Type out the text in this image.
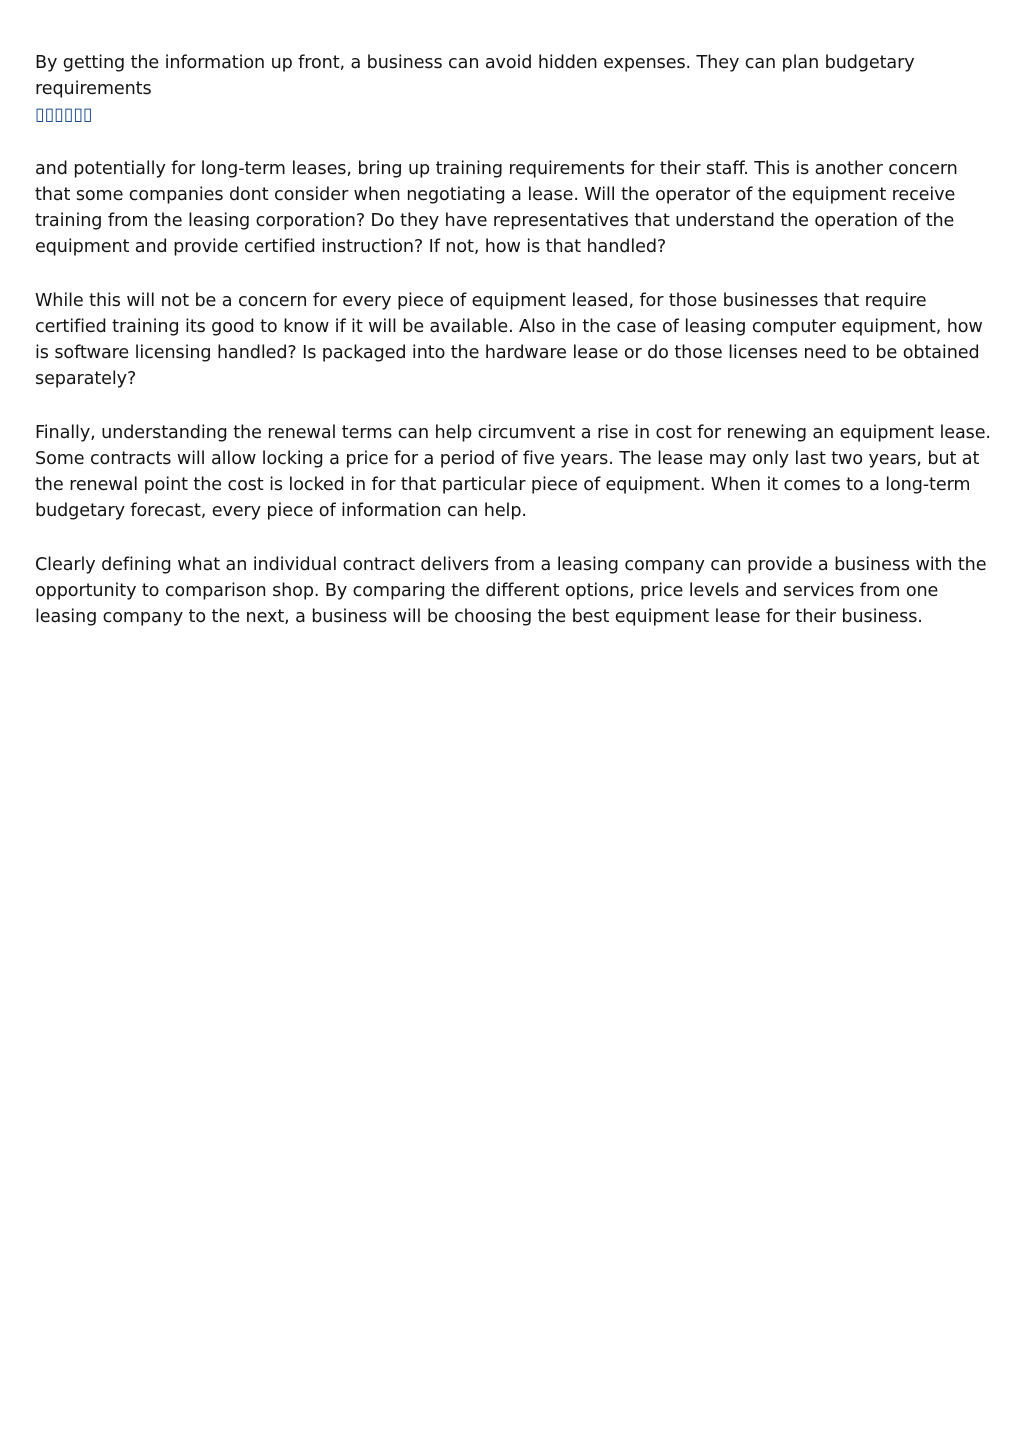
By getting the information up front, a business can avoid hidden expenses. They can plan budgetary requirements
▯▯▯▯▯▯

and potentially for long-term leases, bring up training requirements for their staff. This is another concern that some companies dont consider when negotiating a lease. Will the operator of the equipment receive training from the leasing corporation? Do they have representatives that understand the operation of the equipment and provide certified instruction? If not, how is that handled?

While this will not be a concern for every piece of equipment leased, for those businesses that require certified training its good to know if it will be available. Also in the case of leasing computer equipment, how is software licensing handled? Is packaged into the hardware lease or do those licenses need to be obtained separately?

Finally, understanding the renewal terms can help circumvent a rise in cost for renewing an equipment lease. Some contracts will allow locking a price for a period of five years. The lease may only last two years, but at the renewal point the cost is locked in for that particular piece of equipment. When it comes to a long-term budgetary forecast, every piece of information can help.

Clearly defining what an individual contract delivers from a leasing company can provide a business with the opportunity to comparison shop. By comparing the different options, price levels and services from one leasing company to the next, a business will be choosing the best equipment lease for their business.
